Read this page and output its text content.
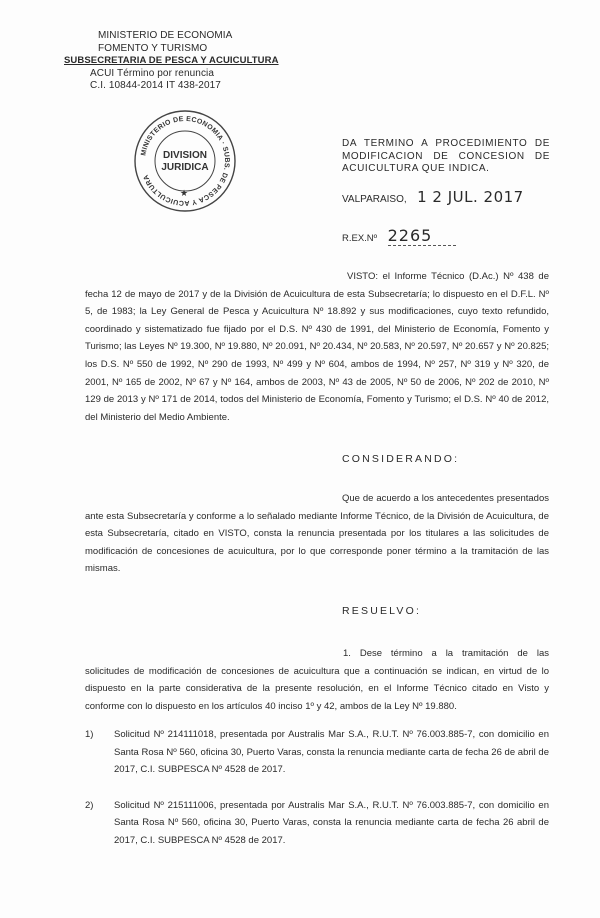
MINISTERIO DE ECONOMIA
FOMENTO Y TURISMO
SUBSECRETARIA DE PESCA Y ACUICULTURA
ACUI Término por renuncia
C.I. 10844-2014 IT 438-2017
MINISTERIO DE ECONOMIA · SUBS. DE PESCA Y ACUICULTURA
DIVISION
JURIDICA
★
DA TERMINO A PROCEDIMIENTO DE
MODIFICACION DE CONCESION DE
ACUICULTURA QUE INDICA.
VALPARAISO, 1 2 JUL. 2017
R.EX.Nº 2265

VISTO: el Informe Técnico (D.Ac.) Nº 438 de fecha 12 de mayo de 2017 y de la División de Acuicultura de esta Subsecretaría; lo dispuesto en el D.F.L. Nº 5, de 1983; la Ley General de Pesca y Acuicultura Nº 18.892 y sus modificaciones, cuyo texto refundido, coordinado y sistematizado fue fijado por el D.S. Nº 430 de 1991, del Ministerio de Economía, Fomento y Turismo; las Leyes Nº 19.300, Nº 19.880, Nº 20.091, Nº 20.434, Nº 20.583, Nº 20.597, Nº 20.657 y Nº 20.825; los D.S. Nº 550 de 1992, Nº 290 de 1993, Nº 499 y Nº 604, ambos de 1994, Nº 257, Nº 319 y Nº 320, de 2001, Nº 165 de 2002, Nº 67 y Nº 164, ambos de 2003, Nº 43 de 2005, Nº 50 de 2006, Nº 202 de 2010, Nº 129 de 2013 y Nº 171 de 2014, todos del Ministerio de Economía, Fomento y Turismo; el D.S. Nº 40 de 2012, del Ministerio del Medio Ambiente.

CONSIDERANDO:

Que de acuerdo a los antecedentes presentados ante esta Subsecretaría y conforme a lo señalado mediante Informe Técnico, de la División de Acuicultura, de esta Subsecretaría, citado en VISTO, consta la renuncia presentada por los titulares a las solicitudes de modificación de concesiones de acuicultura, por lo que corresponde poner término a la tramitación de las mismas.

RESUELVO:

1. Dese término a la tramitación de las solicitudes de modificación de concesiones de acuicultura que a continuación se indican, en virtud de lo dispuesto en la parte considerativa de la presente resolución, en el Informe Técnico citado en Visto y conforme con lo dispuesto en los artículos 40 inciso 1º y 42, ambos de la Ley Nº 19.880.

1)	Solicitud Nº 214111018, presentada por Australis Mar S.A., R.U.T. Nº 76.003.885-7, con domicilio en Santa Rosa Nº 560, oficina 30, Puerto Varas, consta la renuncia mediante carta de fecha 26 de abril de 2017, C.I. SUBPESCA Nº 4528 de 2017.
2)	Solicitud Nº 215111006, presentada por Australis Mar S.A., R.U.T. Nº 76.003.885-7, con domicilio en Santa Rosa Nº 560, oficina 30, Puerto Varas, consta la renuncia mediante carta de fecha 26 abril de 2017, C.I. SUBPESCA Nº 4528 de 2017.
